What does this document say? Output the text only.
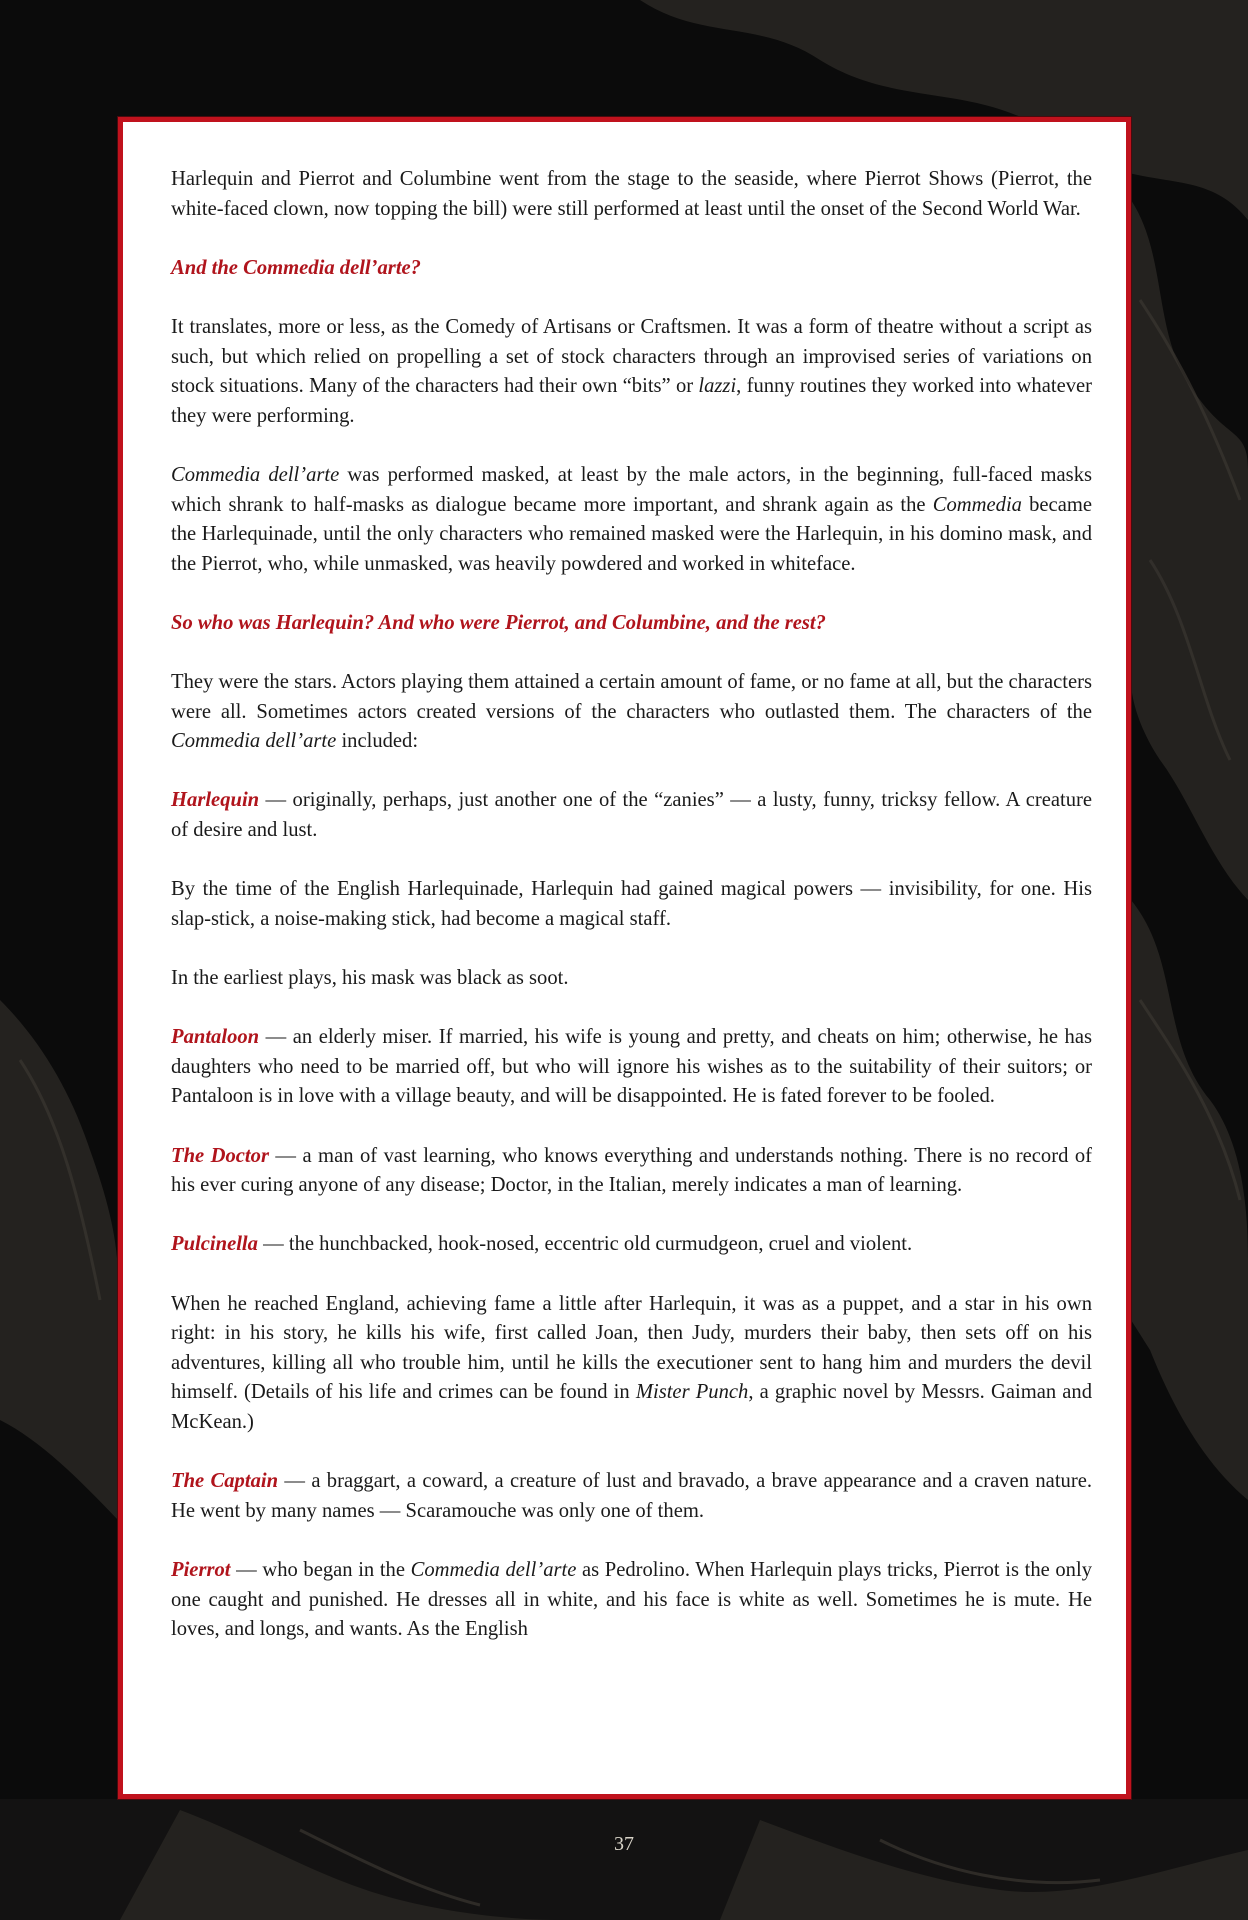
Harlequin and Pierrot and Columbine went from the stage to the seaside, where Pierrot Shows (Pierrot, the white-faced clown, now topping the bill) were still performed at least until the onset of the Second World War.

And the Commedia dell’arte?

It translates, more or less, as the Comedy of Artisans or Craftsmen. It was a form of theatre without a script as such, but which relied on propelling a set of stock characters through an improvised series of variations on stock situations. Many of the characters had their own “bits” or lazzi, funny routines they worked into whatever they were performing.

Commedia dell’arte was performed masked, at least by the male actors, in the beginning, full-faced masks which shrank to half-masks as dialogue became more important, and shrank again as the Commedia became the Harlequinade, until the only characters who remained masked were the Harlequin, in his domino mask, and the Pierrot, who, while unmasked, was heavily powdered and worked in whiteface.

So who was Harlequin? And who were Pierrot, and Columbine, and the rest?

They were the stars. Actors playing them attained a certain amount of fame, or no fame at all, but the characters were all. Sometimes actors created versions of the characters who outlasted them. The characters of the Commedia dell’arte included:

Harlequin — originally, perhaps, just another one of the “zanies” — a lusty, funny, tricksy fellow. A creature of desire and lust.

By the time of the English Harlequinade, Harlequin had gained magical powers — invisibility, for one. His slap-stick, a noise-making stick, had become a magical staff.

In the earliest plays, his mask was black as soot.

Pantaloon — an elderly miser. If married, his wife is young and pretty, and cheats on him; otherwise, he has daughters who need to be married off, but who will ignore his wishes as to the suitability of their suitors; or Pantaloon is in love with a village beauty, and will be disappointed. He is fated forever to be fooled.

The Doctor — a man of vast learning, who knows everything and understands nothing. There is no record of his ever curing anyone of any disease; Doctor, in the Italian, merely indicates a man of learning.

Pulcinella — the hunchbacked, hook-nosed, eccentric old curmudgeon, cruel and violent.

When he reached England, achieving fame a little after Harlequin, it was as a puppet, and a star in his own right: in his story, he kills his wife, first called Joan, then Judy, murders their baby, then sets off on his adventures, killing all who trouble him, until he kills the executioner sent to hang him and murders the devil himself. (Details of his life and crimes can be found in Mister Punch, a graphic novel by Messrs. Gaiman and McKean.)

The Captain — a braggart, a coward, a creature of lust and bravado, a brave appearance and a craven nature. He went by many names — Scaramouche was only one of them.

Pierrot — who began in the Commedia dell’arte as Pedrolino. When Harlequin plays tricks, Pierrot is the only one caught and punished. He dresses all in white, and his face is white as well. Sometimes he is mute. He loves, and longs, and wants. As the English

37
